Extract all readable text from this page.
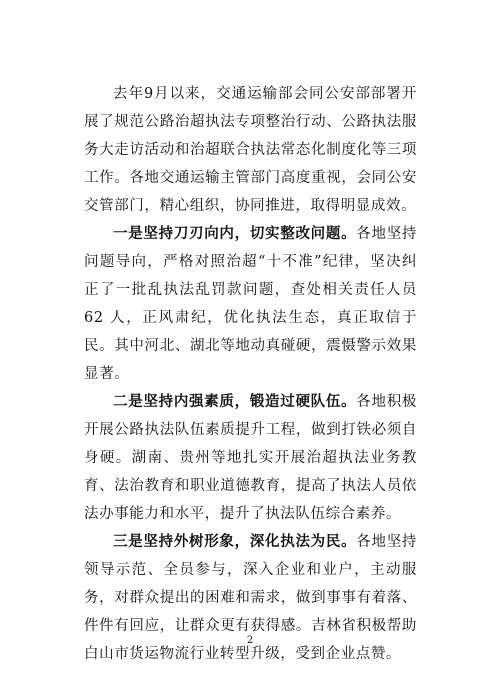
去年9月以来，交通运输部会同公安部部署开展了规范公路治超执法专项整治行动、公路执法服务大走访活动和治超联合执法常态化制度化等三项工作。各地交通运输主管部门高度重视，会同公安交管部门，精心组织，协同推进，取得明显成效。

一是坚持刀刃向内，切实整改问题。各地坚持问题导向，严格对照治超“十不准”纪律，坚决纠正了一批乱执法乱罚款问题，查处相关责任人员 62 人，正风肃纪，优化执法生态，真正取信于民。其中河北、湖北等地动真碰硬，震慑警示效果显著。

二是坚持内强素质，锻造过硬队伍。各地积极开展公路执法队伍素质提升工程，做到打铁必须自身硬。湖南、贵州等地扎实开展治超执法业务教育、法治教育和职业道德教育，提高了执法人员依法办事能力和水平，提升了执法队伍综合素养。

三是坚持外树形象，深化执法为民。各地坚持领导示范、全员参与，深入企业和业户，主动服务，对群众提出的困难和需求，做到事事有着落、件件有回应，让群众更有获得感。吉林省积极帮助白山市货运物流行业转型升级，受到企业点赞。

2
